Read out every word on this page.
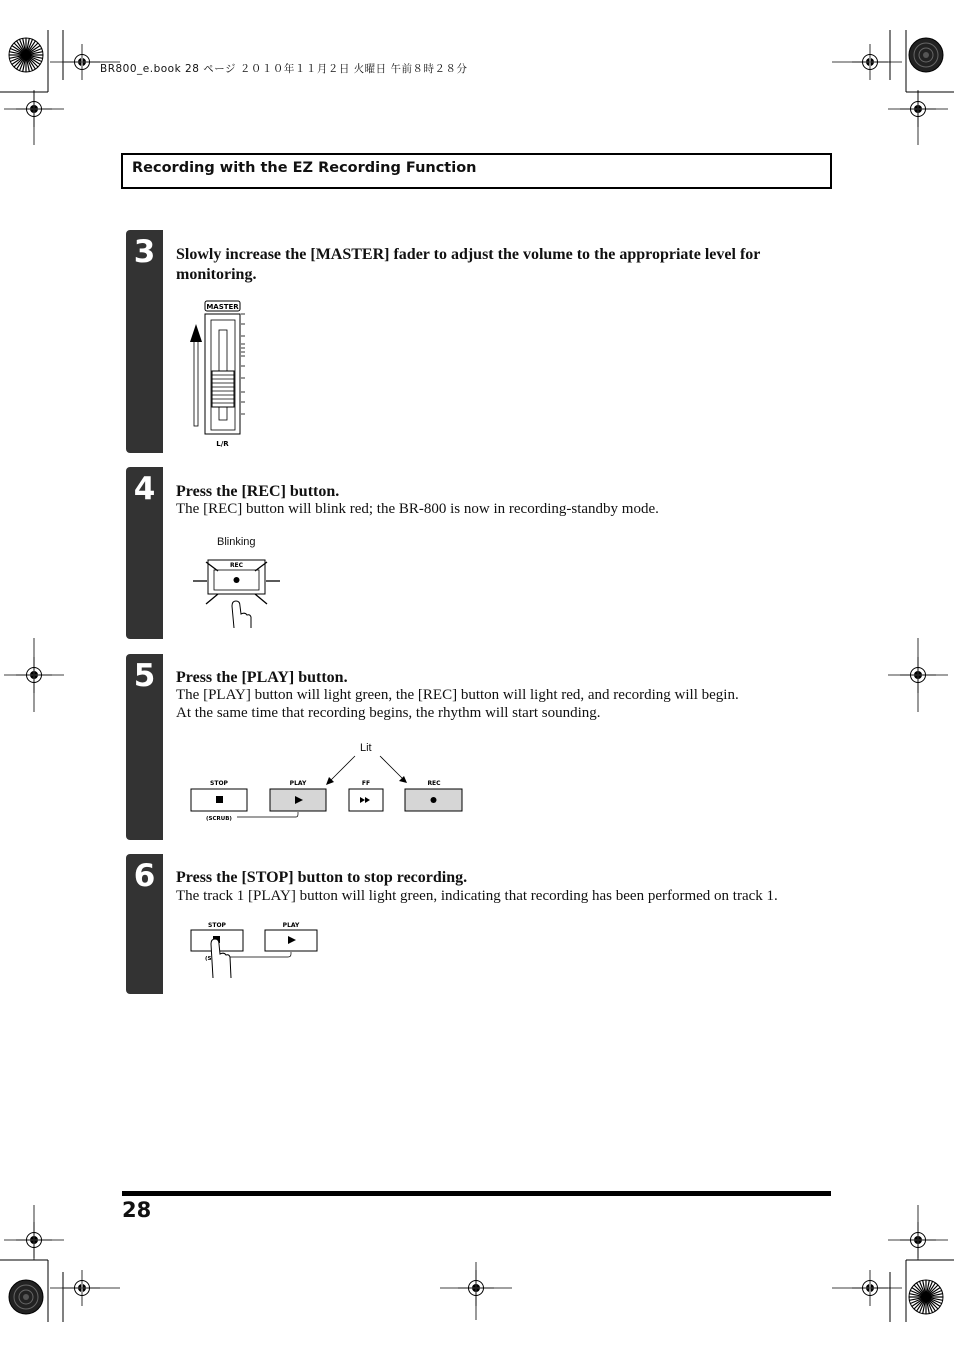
BR800_e.book 28 ページ ２０１０年１１月２日 火曜日 午前８時２８分
Recording with the EZ Recording Function
3	Slowly increase the [MASTER] fader to adjust the volume to the appropriate level for monitoring.
MASTER
L/R
4	Press the [REC] button.
The [REC] button will blink red; the BR-800 is now in recording-standby mode.
Blinking
REC
5	Press the [PLAY] button.
The [PLAY] button will light green, the [REC] button will light red, and recording will begin.
At the same time that recording begins, the rhythm will start sounding.
Lit
STOP	PLAY	FF	REC
(SCRUB)
6	Press the [STOP] button to stop recording.
The track 1 [PLAY] button will light green, indicating that recording has been performed on track 1.
STOP	PLAY
(S
28
